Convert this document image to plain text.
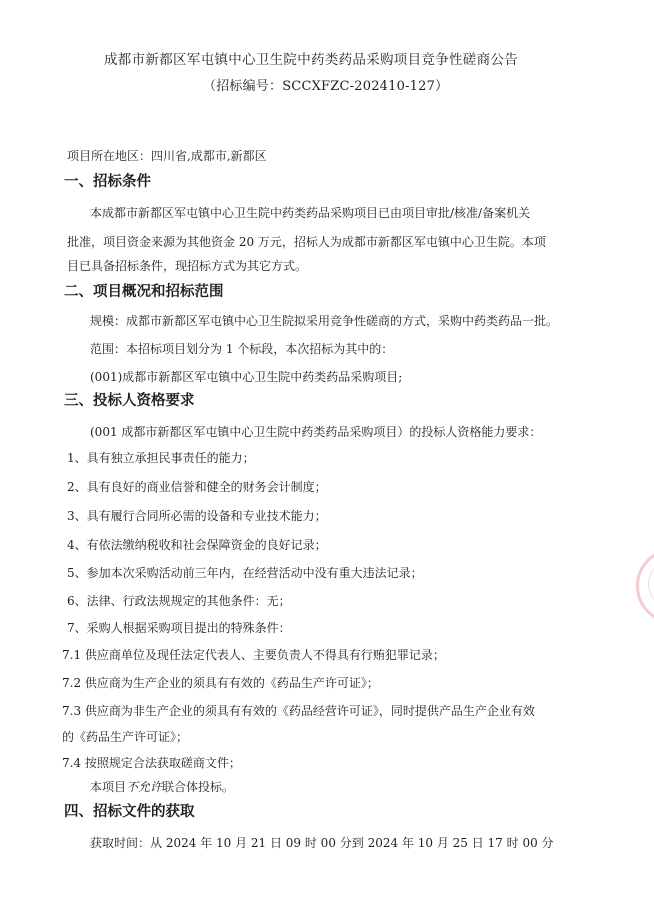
成都市新都区军屯镇中心卫生院中药类药品采购项目竞争性磋商公告
（招标编号：SCCXFZC-202410-127）
项目所在地区：四川省,成都市,新都区
一、招标条件
本成都市新都区军屯镇中心卫生院中药类药品采购项目已由项目审批/核准/备案机关
批准，项目资金来源为其他资金 20 万元，招标人为成都市新都区军屯镇中心卫生院。本项
目已具备招标条件，现招标方式为其它方式。
二、项目概况和招标范围
规模：成都市新都区军屯镇中心卫生院拟采用竞争性磋商的方式，采购中药类药品一批。
范围：本招标项目划分为 1 个标段，本次招标为其中的：
(001)成都市新都区军屯镇中心卫生院中药类药品采购项目;
三、投标人资格要求
(001 成都市新都区军屯镇中心卫生院中药类药品采购项目）的投标人资格能力要求：
1、具有独立承担民事责任的能力；
2、具有良好的商业信誉和健全的财务会计制度；
3、具有履行合同所必需的设备和专业技术能力；
4、有依法缴纳税收和社会保障资金的良好记录；
5、参加本次采购活动前三年内，在经营活动中没有重大违法记录；
6、法律、行政法规规定的其他条件：无；
7、采购人根据采购项目提出的特殊条件：
7.1 供应商单位及现任法定代表人、主要负责人不得具有行贿犯罪记录；
7.2 供应商为生产企业的须具有有效的《药品生产许可证》；
7.3 供应商为非生产企业的须具有有效的《药品经营许可证》，同时提供产品生产企业有效
的《药品生产许可证》；
7.4 按照规定合法获取磋商文件；
本项目不允许联合体投标。
四、招标文件的获取
获取时间：从 2024 年 10 月 21 日 09 时 00 分到 2024 年 10 月 25 日 17 时 00 分
